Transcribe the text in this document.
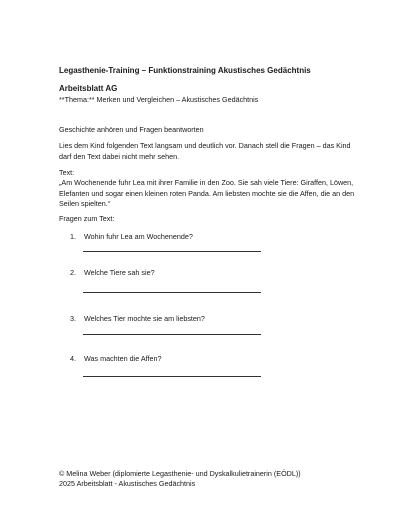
Legasthenie-Training – Funktionstraining Akustisches Gedächtnis
Arbeitsblatt AG
**Thema:** Merken und Vergleichen – Akustisches Gedächtnis
Geschichte anhören und Fragen beantworten
Lies dem Kind folgenden Text langsam und deutlich vor. Danach stell die Fragen – das Kind darf den Text dabei nicht mehr sehen.
Text:
„Am Wochenende fuhr Lea mit ihrer Familie in den Zoo. Sie sah viele Tiere: Giraffen, Löwen, Elefanten und sogar einen kleinen roten Panda. Am liebsten mochte sie die Affen, die an den Seilen spielten.“
Fragen zum Text:
1. Wohin fuhr Lea am Wochenende?
2. Welche Tiere sah sie?
3. Welches Tier mochte sie am liebsten?
4. Was machten die Affen?
© Melina Weber (diplomierte Legasthenie- und Dyskalkulietrainerin (EÖDL))
2025 Arbeitsblatt - Akustisches Gedächtnis
